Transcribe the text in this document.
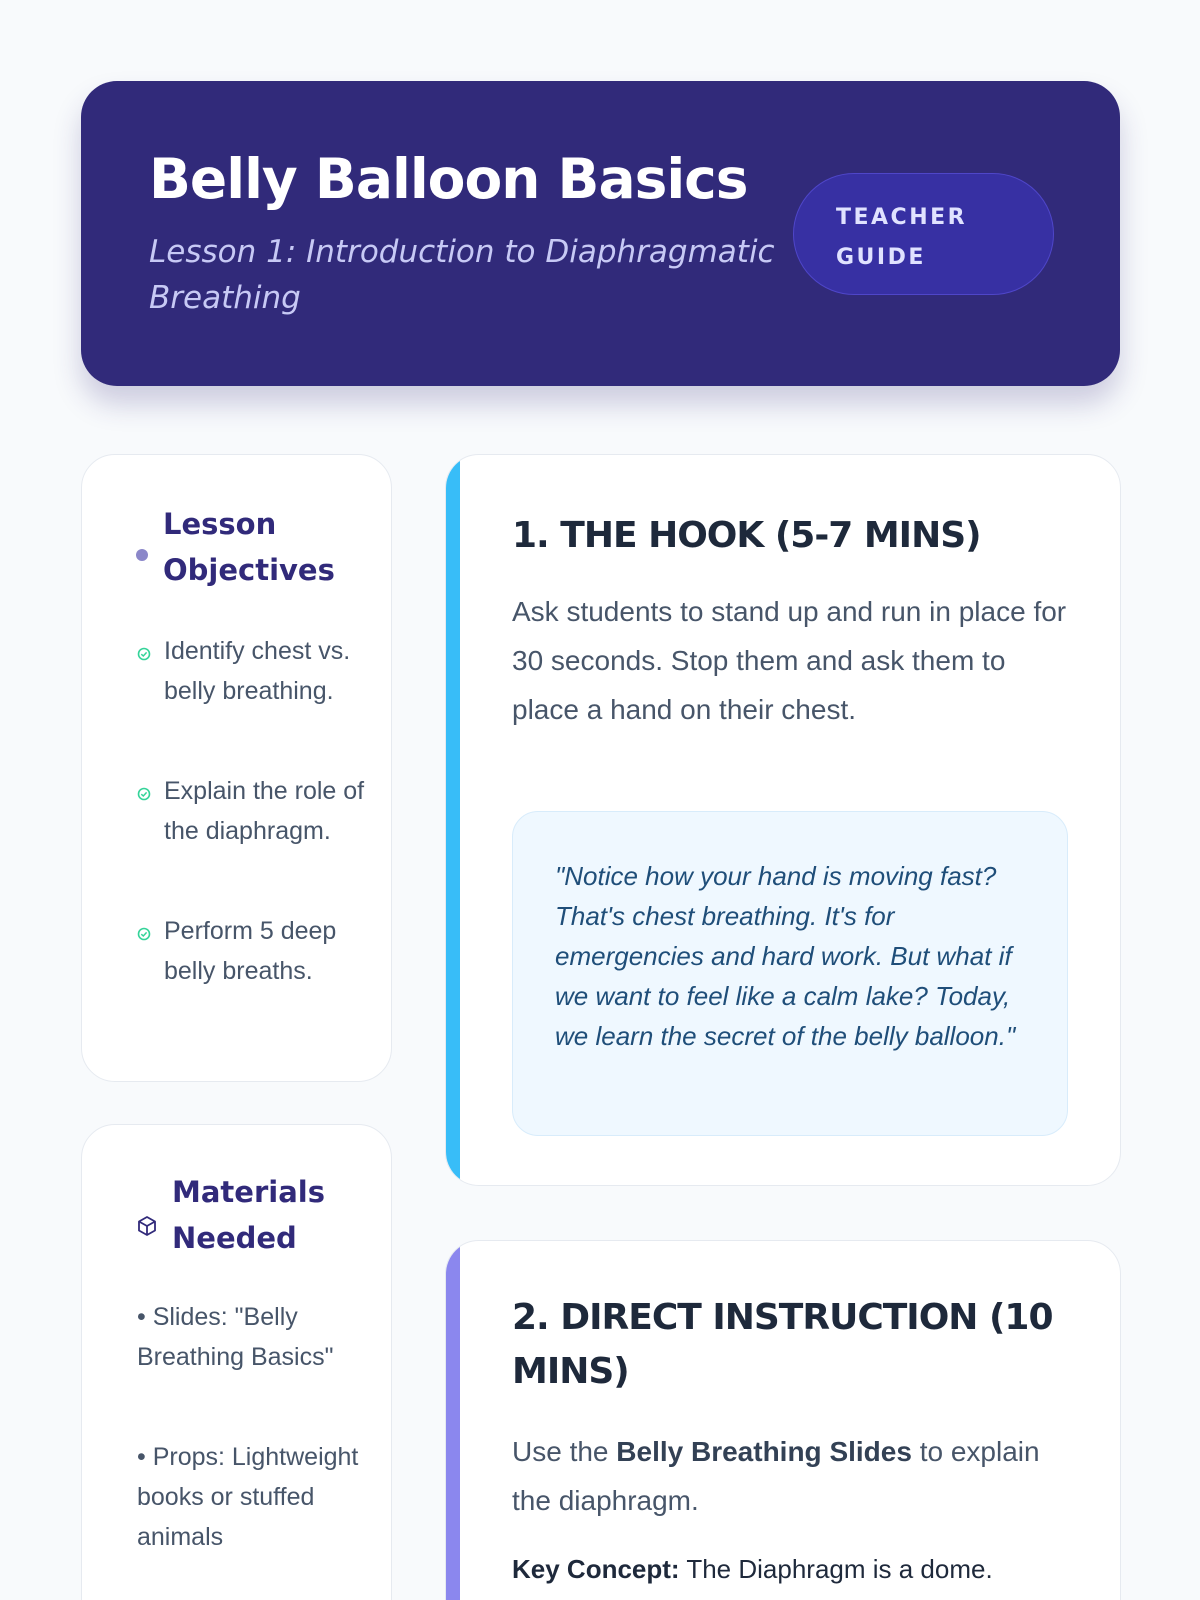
Belly Balloon Basics
Lesson 1: Introduction to Diaphragmatic Breathing
TEACHER
GUIDE
Lesson
Objectives
Identify chest vs. belly breathing.
Explain the role of the diaphragm.
Perform 5 deep belly breaths.
Materials
Needed
• Slides: "Belly Breathing Basics"
• Props: Lightweight books or stuffed animals
1. THE HOOK (5-7 MINS)
Ask students to stand up and run in place for 30 seconds. Stop them and ask them to place a hand on their chest.

"Notice how your hand is moving fast? That's chest breathing. It's for emergencies and hard work. But what if we want to feel like a calm lake? Today, we learn the secret of the belly balloon."

2. DIRECT INSTRUCTION (10 MINS)
Use the Belly Breathing Slides to explain the diaphragm.
Key Concept: The Diaphragm is a dome.
